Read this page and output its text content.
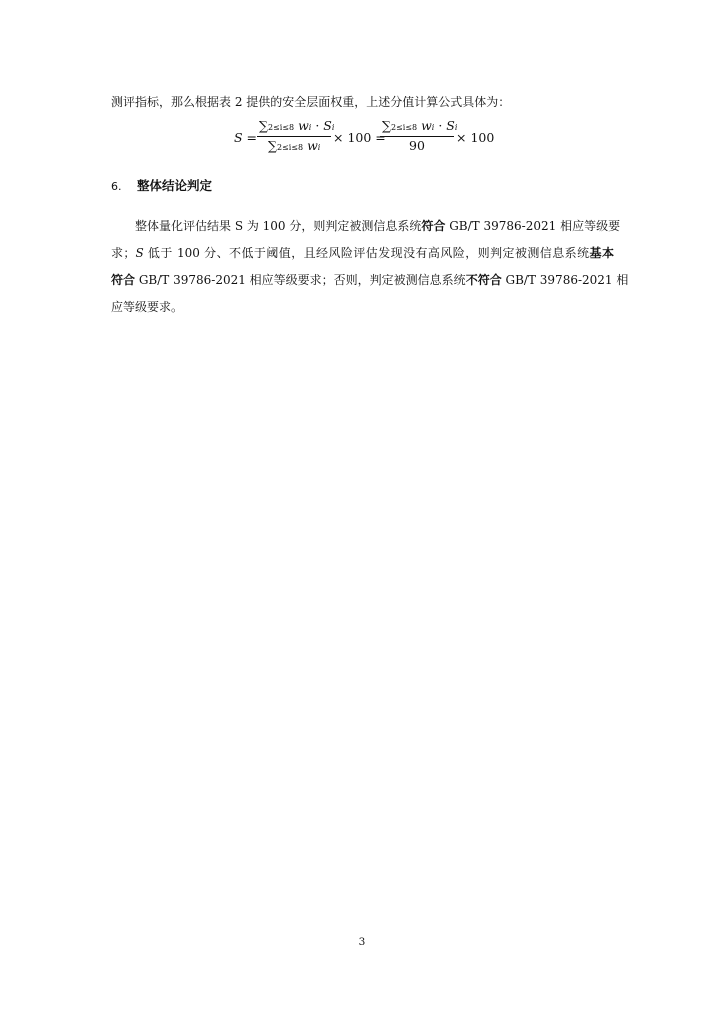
测评指标，那么根据表 2 提供的安全层面权重，上述分值计算公式具体为：
S =
∑2≤i≤8 wi · Si
∑2≤i≤8 wi
× 100 =
∑2≤i≤8 wi · Si
90
× 100
6. 整体结论判定
整体量化评估结果 S 为 100 分，则判定被测信息系统符合 GB/T 39786-2021 相应等级要
求；S 低于 100 分、不低于阈值，且经风险评估发现没有高风险，则判定被测信息系统基本
符合 GB/T 39786-2021 相应等级要求；否则，判定被测信息系统不符合 GB/T 39786-2021 相
应等级要求。
3
